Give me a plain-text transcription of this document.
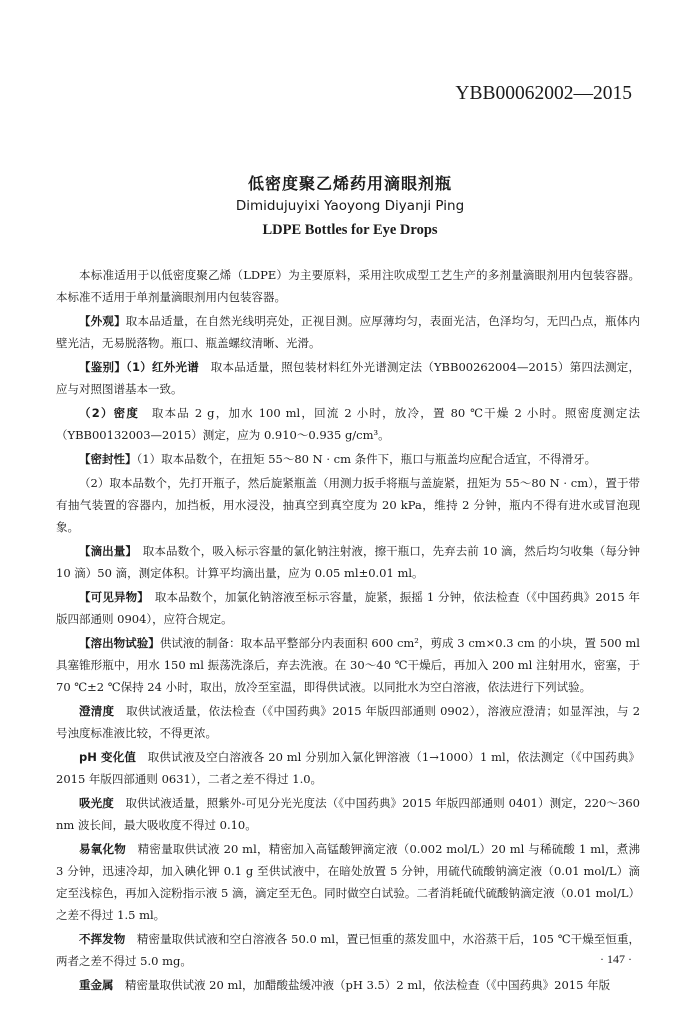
YBB00062002—2015
低密度聚乙烯药用滴眼剂瓶
Dimidujuyixi Yaoyong Diyanji Ping
LDPE Bottles for Eye Drops

本标准适用于以低密度聚乙烯（LDPE）为主要原料，采用注吹成型工艺生产的多剂量滴眼剂用内包装容器。本标准不适用于单剂量滴眼剂用内包装容器。

【外观】取本品适量，在自然光线明亮处，正视目测。应厚薄均匀，表面光洁，色泽均匀，无凹凸点，瓶体内壁光洁，无易脱落物。瓶口、瓶盖螺纹清晰、光滑。

【鉴别】（1）红外光谱　 取本品适量，照包装材料红外光谱测定法（YBB00262004—2015）第四法测定，应与对照图谱基本一致。

（2）密度　 取本品 2 g，加水 100 ml，回流 2 小时，放冷，置 80 ℃干燥 2 小时。照密度测定法（YBB00132003—2015）测定，应为 0.910～0.935 g/cm³。

【密封性】（1）取本品数个，在扭矩 55～80 N · cm 条件下，瓶口与瓶盖均应配合适宜，不得滑牙。

（2）取本品数个，先打开瓶子，然后旋紧瓶盖（用测力扳手将瓶与盖旋紧，扭矩为 55～80 N · cm），置于带有抽气装置的容器内，加挡板，用水浸没，抽真空到真空度为 20 kPa，维持 2 分钟，瓶内不得有进水或冒泡现象。

【滴出量】　 取本品数个，吸入标示容量的氯化钠注射液，擦干瓶口，先弃去前 10 滴，然后均匀收集（每分钟 10 滴）50 滴，测定体积。计算平均滴出量，应为 0.05 ml±0.01 ml。

【可见异物】　 取本品数个，加氯化钠溶液至标示容量，旋紧，振摇 1 分钟，依法检查（《中国药典》2015 年版四部通则 0904），应符合规定。

【溶出物试验】供试液的制备：取本品平整部分内表面积 600 cm²，剪成 3 cm×0.3 cm 的小块，置 500 ml 具塞锥形瓶中，用水 150 ml 振荡洗涤后，弃去洗液。在 30～40 ℃干燥后，再加入 200 ml 注射用水，密塞，于 70 ℃±2 ℃保持 24 小时，取出，放冷至室温，即得供试液。以同批水为空白溶液，依法进行下列试验。

澄清度　 取供试液适量，依法检查（《中国药典》2015 年版四部通则 0902），溶液应澄清；如显浑浊，与 2 号浊度标准液比较，不得更浓。

pH 变化值　 取供试液及空白溶液各 20 ml 分别加入氯化钾溶液（1→1000）1 ml，依法测定（《中国药典》2015 年版四部通则 0631），二者之差不得过 1.0。

吸光度　 取供试液适量，照紫外-可见分光光度法（《中国药典》2015 年版四部通则 0401）测定，220～360 nm 波长间，最大吸收度不得过 0.10。

易氧化物　 精密量取供试液 20 ml，精密加入高锰酸钾滴定液（0.002 mol/L）20 ml 与稀硫酸 1 ml，煮沸 3 分钟，迅速冷却，加入碘化钾 0.1 g 至供试液中，在暗处放置 5 分钟，用硫代硫酸钠滴定液（0.01 mol/L）滴定至浅棕色，再加入淀粉指示液 5 滴，滴定至无色。同时做空白试验。二者消耗硫代硫酸钠滴定液（0.01 mol/L）之差不得过 1.5 ml。

不挥发物　 精密量取供试液和空白溶液各 50.0 ml，置已恒重的蒸发皿中，水浴蒸干后，105 ℃干燥至恒重，两者之差不得过 5.0 mg。

重金属　 精密量取供试液 20 ml，加醋酸盐缓冲液（pH 3.5）2 ml，依法检查（《中国药典》2015 年版

· 147 ·
